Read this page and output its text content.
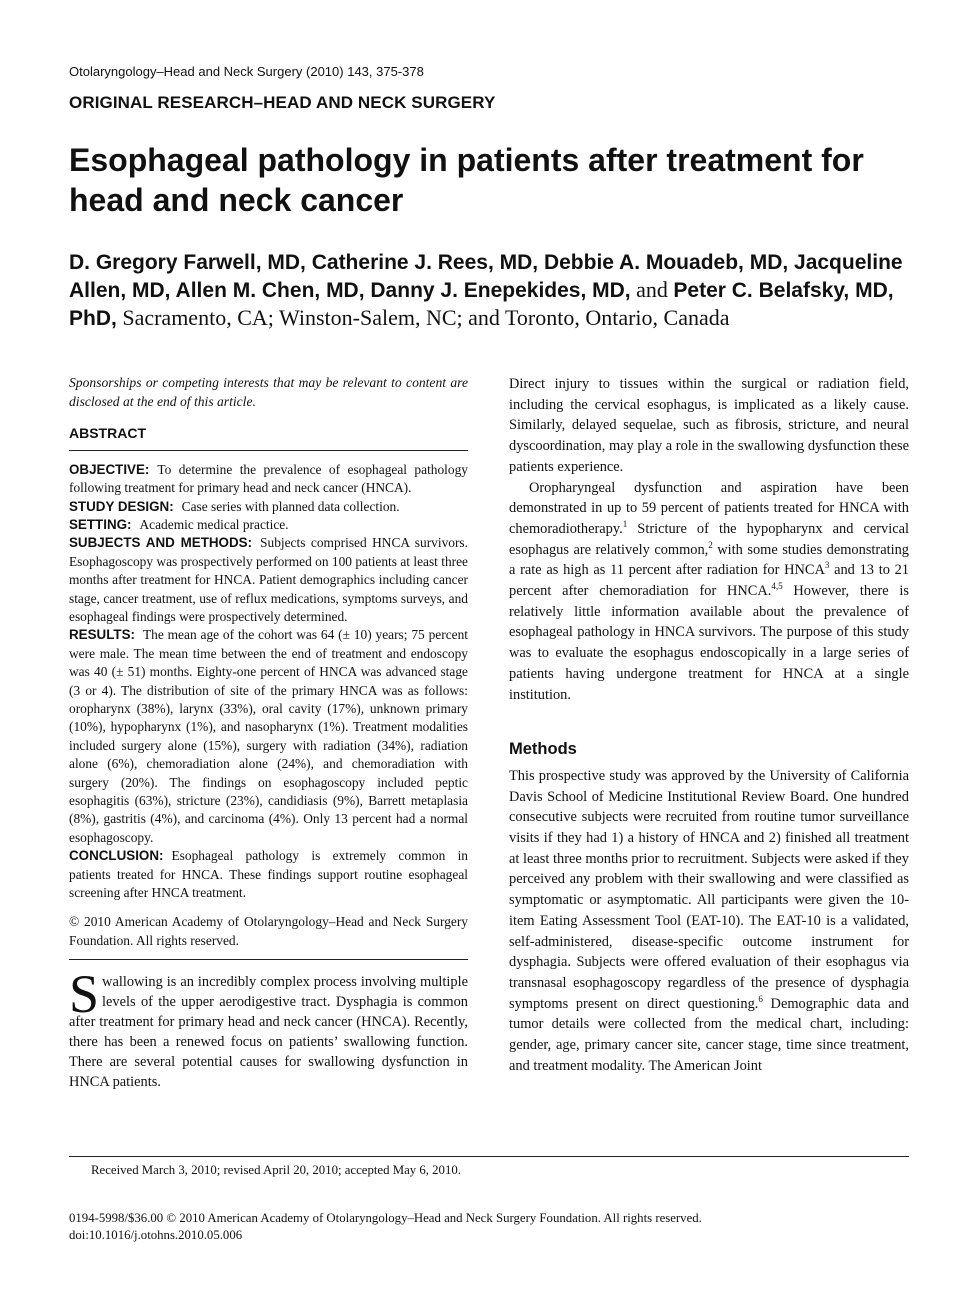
Otolaryngology–Head and Neck Surgery (2010) 143, 375-378
ORIGINAL RESEARCH–HEAD AND NECK SURGERY
Esophageal pathology in patients after treatment for head and neck cancer
D. Gregory Farwell, MD, Catherine J. Rees, MD, Debbie A. Mouadeb, MD, Jacqueline Allen, MD, Allen M. Chen, MD, Danny J. Enepekides, MD, and Peter C. Belafsky, MD, PhD, Sacramento, CA; Winston-Salem, NC; and Toronto, Ontario, Canada
Sponsorships or competing interests that may be relevant to content are disclosed at the end of this article.
ABSTRACT

OBJECTIVE: To determine the prevalence of esophageal pathology following treatment for primary head and neck cancer (HNCA).

STUDY DESIGN: Case series with planned data collection.

SETTING: Academic medical practice.

SUBJECTS AND METHODS: Subjects comprised HNCA survivors. Esophagoscopy was prospectively performed on 100 patients at least three months after treatment for HNCA. Patient demographics including cancer stage, cancer treatment, use of reflux medications, symptoms surveys, and esophageal findings were prospectively determined.

RESULTS: The mean age of the cohort was 64 (± 10) years; 75 percent were male. The mean time between the end of treatment and endoscopy was 40 (± 51) months. Eighty-one percent of HNCA was advanced stage (3 or 4). The distribution of site of the primary HNCA was as follows: oropharynx (38%), larynx (33%), oral cavity (17%), unknown primary (10%), hypopharynx (1%), and nasopharynx (1%). Treatment modalities included surgery alone (15%), surgery with radiation (34%), radiation alone (6%), chemoradiation alone (24%), and chemoradiation with surgery (20%). The findings on esophagoscopy included peptic esophagitis (63%), stricture (23%), candidiasis (9%), Barrett metaplasia (8%), gastritis (4%), and carcinoma (4%). Only 13 percent had a normal esophagoscopy.

CONCLUSION: Esophageal pathology is extremely common in patients treated for HNCA. These findings support routine esophageal screening after HNCA treatment.

© 2010 American Academy of Otolaryngology–Head and Neck Surgery Foundation. All rights reserved.
Swallowing is an incredibly complex process involving multiple levels of the upper aerodigestive tract. Dysphagia is common after treatment for primary head and neck cancer (HNCA). Recently, there has been a renewed focus on patients’ swallowing function. There are several potential causes for swallowing dysfunction in HNCA patients.

Direct injury to tissues within the surgical or radiation field, including the cervical esophagus, is implicated as a likely cause. Similarly, delayed sequelae, such as fibrosis, stricture, and neural dyscoordination, may play a role in the swallowing dysfunction these patients experience.

Oropharyngeal dysfunction and aspiration have been demonstrated in up to 59 percent of patients treated for HNCA with chemoradiotherapy.$^1$ Stricture of the hypopharynx and cervical esophagus are relatively common,$^2$ with some studies demonstrating a rate as high as 11 percent after radiation for HNCA$^3$ and 13 to 21 percent after chemoradiation for HNCA.$^{4,5}$ However, there is relatively little information available about the prevalence of esophageal pathology in HNCA survivors. The purpose of this study was to evaluate the esophagus endoscopically in a large series of patients having undergone treatment for HNCA at a single institution.

Methods

This prospective study was approved by the University of California Davis School of Medicine Institutional Review Board. One hundred consecutive subjects were recruited from routine tumor surveillance visits if they had 1) a history of HNCA and 2) finished all treatment at least three months prior to recruitment. Subjects were asked if they perceived any problem with their swallowing and were classified as symptomatic or asymptomatic. All participants were given the 10-item Eating Assessment Tool (EAT-10). The EAT-10 is a validated, self-administered, disease-specific outcome instrument for dysphagia. Subjects were offered evaluation of their esophagus via transnasal esophagoscopy regardless of the presence of dysphagia symptoms present on direct questioning.$^6$ Demographic data and tumor details were collected from the medical chart, including: gender, age, primary cancer site, cancer stage, time since treatment, and treatment modality. The American Joint

Received March 3, 2010; revised April 20, 2010; accepted May 6, 2010.
0194-5998/$36.00 © 2010 American Academy of Otolaryngology–Head and Neck Surgery Foundation. All rights reserved.
doi:10.1016/j.otohns.2010.05.006
